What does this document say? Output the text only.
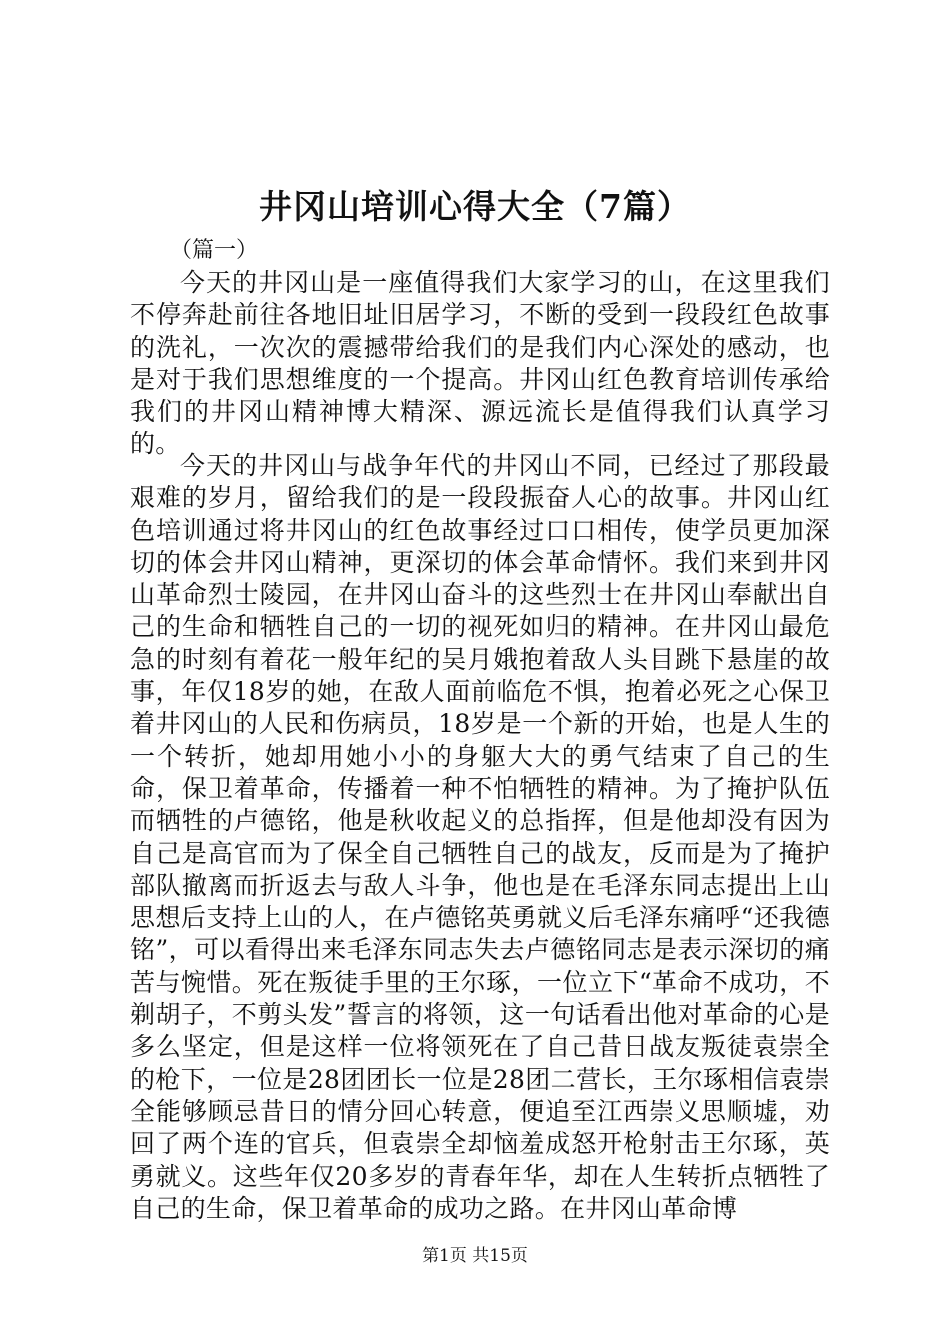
井冈山培训心得大全（7篇）

（篇一）

今天的井冈山是一座值得我们大家学习的山，在这里我们不停奔赴前往各地旧址旧居学习，不断的受到一段段红色故事的洗礼，一次次的震撼带给我们的是我们内心深处的感动，也是对于我们思想维度的一个提高。井冈山红色教育培训传承给我们的井冈山精神博大精深、源远流长是值得我们认真学习的。

今天的井冈山与战争年代的井冈山不同，已经过了那段最艰难的岁月，留给我们的是一段段振奋人心的故事。井冈山红色培训通过将井冈山的红色故事经过口口相传，使学员更加深切的体会井冈山精神，更深切的体会革命情怀。我们来到井冈山革命烈士陵园，在井冈山奋斗的这些烈士在井冈山奉献出自己的生命和牺牲自己的一切的视死如归的精神。在井冈山最危急的时刻有着花一般年纪的吴月娥抱着敌人头目跳下悬崖的故事，年仅18岁的她，在敌人面前临危不惧，抱着必死之心保卫着井冈山的人民和伤病员，18岁是一个新的开始，也是人生的一个转折，她却用她小小的身躯大大的勇气结束了自己的生命，保卫着革命，传播着一种不怕牺牲的精神。为了掩护队伍而牺牲的卢德铭，他是秋收起义的总指挥，但是他却没有因为自己是高官而为了保全自己牺牲自己的战友，反而是为了掩护部队撤离而折返去与敌人斗争，他也是在毛泽东同志提出上山思想后支持上山的人，在卢德铭英勇就义后毛泽东痛呼“还我德铭”，可以看得出来毛泽东同志失去卢德铭同志是表示深切的痛苦与惋惜。死在叛徒手里的王尔琢，一位立下“革命不成功，不剃胡子，不剪头发”誓言的将领，这一句话看出他对革命的心是多么坚定，但是这样一位将领死在了自己昔日战友叛徒袁崇全的枪下，一位是28团团长一位是28团二营长，王尔琢相信袁崇全能够顾忌昔日的情分回心转意，便追至江西崇义思顺墟，劝回了两个连的官兵，但袁崇全却恼羞成怒开枪射击王尔琢，英勇就义。这些年仅20多岁的青春年华，却在人生转折点牺牲了自己的生命，保卫着革命的成功之路。在井冈山革命博

第1页 共15页
